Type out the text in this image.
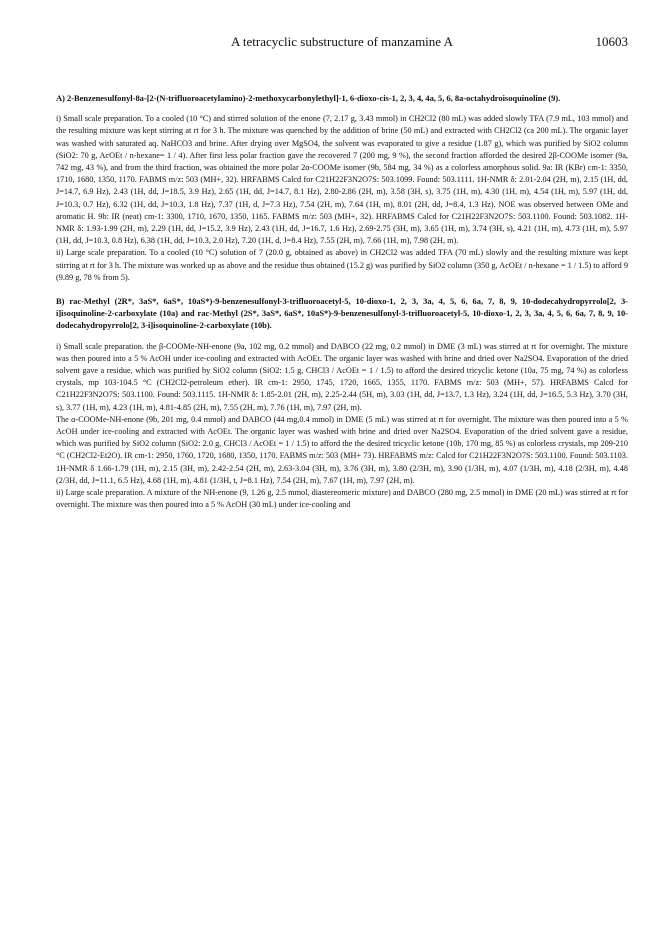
A tetracyclic substructure of manzamine A	10603

A) 2-Benzenesulfonyl-8a-[2-(N-trifluoroacetylamino)-2-methoxycarbonylethyl]-1, 6-dioxo-cis-1, 2, 3, 4, 4a, 5, 6, 8a-octahydroisoquinoline (9).

i) Small scale preparation. To a cooled (10 °C) and stirred solution of the enone (7, 2.17 g, 3.43 mmol) in CH2Cl2 (80 mL) was added slowly TFA (7.9 mL, 103 mmol) and the resulting mixture was kept stirring at rt for 3 h. The mixture was quenched by the addition of brine (50 mL) and extracted with CH2Cl2 (ca 200 mL). The organic layer was washed with saturated aq. NaHCO3 and brine. After drying over MgSO4, the solvent was evaporated to give a residue (1.87 g), which was purified by SiO2 column (SiO2: 70 g, AcOEt / n-hexane= 1 / 4). After first less polar fraction gave the recovered 7 (200 mg, 9 %), the second fraction afforded the desired 2β-COOMe isomer (9a, 742 mg, 43 %), and from the third fraction, was obtained the more polar 2α-COOMe isomer (9b, 584 mg, 34 %) as a colorless amorphous solid. 9a: IR (KBr) cm-1: 3350, 1710, 1680, 1350, 1170. FABMS m/z: 503 (MH+, 32). HRFABMS Calcd for C21H22F3N2O7S: 503.1099. Found: 503.1111. 1H-NMR δ: 2.01-2.04 (2H, m), 2.15 (1H, dd, J=14.7, 6.9 Hz), 2.43 (1H, dd, J=18.5, 3.9 Hz), 2.65 (1H, dd, J=14.7, 8.1 Hz), 2.80-2.86 (2H, m), 3.58 (3H, s), 3.75 (1H, m), 4.30 (1H, m), 4.54 (1H, m), 5.97 (1H, dd, J=10.3, 0.7 Hz), 6.32 (1H, dd, J=10.3, 1.8 Hz), 7.37 (1H, d, J=7.3 Hz), 7.54 (2H, m), 7.64 (1H, m), 8.01 (2H, dd, J=8.4, 1.3 Hz). NOE was observed between OMe and aromatic H. 9b: IR (neat) cm-1: 3300, 1710, 1670, 1350, 1165. FABMS m/z: 503 (MH+, 32). HRFABMS Calcd for C21H22F3N2O7S: 503.1100. Found: 503.1082. 1H-NMR δ: 1.93-1.99 (2H, m), 2.29 (1H, dd, J=15.2, 3.9 Hz), 2.43 (1H, dd, J=16.7, 1.6 Hz), 2.69-2.75 (3H, m), 3.65 (1H, m), 3.74 (3H, s), 4.21 (1H, m), 4.73 (1H, m), 5.97 (1H, dd, J=10.3, 0.8 Hz), 6.38 (1H, dd, J=10.3, 2.0 Hz), 7.20 (1H, d, J=8.4 Hz), 7.55 (2H, m), 7.66 (1H, m), 7.98 (2H, m).

ii) Large scale preparation. To a cooled (10 °C) solution of 7 (20.0 g, obtained as above) in CH2Cl2 was added TFA (70 mL) slowly and the resulting mixture was kept stirring at rt for 3 h. The mixture was worked up as above and the residue thus obtained (15.2 g) was purified by SiO2 column (350 g, AcOEt / n-hexane = 1 / 1.5) to afford 9 (9.89 g, 78 % from 5).

B) rac-Methyl (2R*, 3aS*, 6aS*, 10aS*)-9-benzenesulfonyl-3-trifluoroacetyl-5, 10-dioxo-1, 2, 3, 3a, 4, 5, 6, 6a, 7, 8, 9, 10-dodecahydropyrrolo[2, 3-i]isoquinoline-2-carboxylate (10a) and rac-Methyl (2S*, 3aS*, 6aS*, 10aS*)-9-benzenesulfonyl-3-trifluoroacetyl-5, 10-dioxo-1, 2, 3, 3a, 4, 5, 6, 6a, 7, 8, 9, 10-dodecahydropyrrolo[2, 3-i]isoquinoline-2-carboxylate (10b).

i) Small scale preparation. the β-COOMe-NH-enone (9a, 102 mg, 0.2 mmol) and DABCO (22 mg, 0.2 mmol) in DME (3 mL) was stirred at rt for overnight. The mixture was then poured into a 5 % AcOH under ice-cooling and extracted with AcOEt. The organic layer was washed with brine and dried over Na2SO4. Evaporation of the dried solvent gave a residue, which was purified by SiO2 column (SiO2: 1.5 g, CHCl3 / AcOEt = 1 / 1.5) to afford the desired tricyclic ketone (10a, 75 mg, 74 %) as colorless crystals, mp 103-104.5 °C (CH2Cl2-petroleum ether). IR cm-1: 2950, 1745, 1720, 1665, 1355, 1170. FABMS m/z: 503 (MH+, 57). HRFABMS Calcd for C21H22F3N2O7S: 503.1100. Found: 503.1115. 1H-NMR δ: 1.85-2.01 (2H, m), 2.25-2.44 (5H, m), 3.03 (1H, dd, J=13.7, 1.3 Hz), 3.24 (1H, dd, J=16.5, 5.3 Hz), 3.70 (3H, s), 3.77 (1H, m), 4.23 (1H, m), 4.81-4.85 (2H, m), 7.55 (2H, m), 7.76 (1H, m), 7.97 (2H, m).

The α-COOMe-NH-enone (9b, 201 mg, 0.4 mmol) and DABCO (44 mg,0.4 mmol) in DME (5 mL) was stirred at rt for overnight. The mixture was then poured into a 5 % AcOH under ice-cooling and extracted with AcOEt. The organic layer was washed with brine and dried over Na2SO4. Evaporation of the dried solvent gave a residue, which was purified by SiO2 column (SiO2: 2.0 g, CHCl3 / AcOEt = 1 / 1.5) to afford the the desired tricyclic ketone (10b, 170 mg, 85 %) as colorless crystals, mp 209-210 °C (CH2Cl2-Et2O). IR cm-1: 2950, 1760, 1720, 1680, 1350, 1170. FABMS m/z: 503 (MH+ 73). HRFABMS m/z: Calcd for C21H22F3N2O7S: 503.1100. Found: 503.1103. 1H-NMR δ 1.66-1.79 (1H, m), 2.15 (3H, m), 2.42-2.54 (2H, m), 2.63-3.04 (3H, m), 3.76 (3H, m), 3.80 (2/3H, m), 3.90 (1/3H, m), 4.07 (1/3H, m), 4.18 (2/3H, m), 4.48 (2/3H, dd, J=11.1, 6.5 Hz), 4.68 (1H, m), 4.81 (1/3H, t, J=8.1 Hz), 7.54 (2H, m), 7.67 (1H, m), 7.97 (2H, m).

ii) Large scale preparation. A mixture of the NH-enone (9, 1.26 g, 2.5 mmol, diastereomeric mixture) and DABCO (280 mg, 2.5 mmol) in DME (20 mL) was stirred at rt for overnight. The mixture was then poured into a 5 % AcOH (30 mL) under ice-cooling and
